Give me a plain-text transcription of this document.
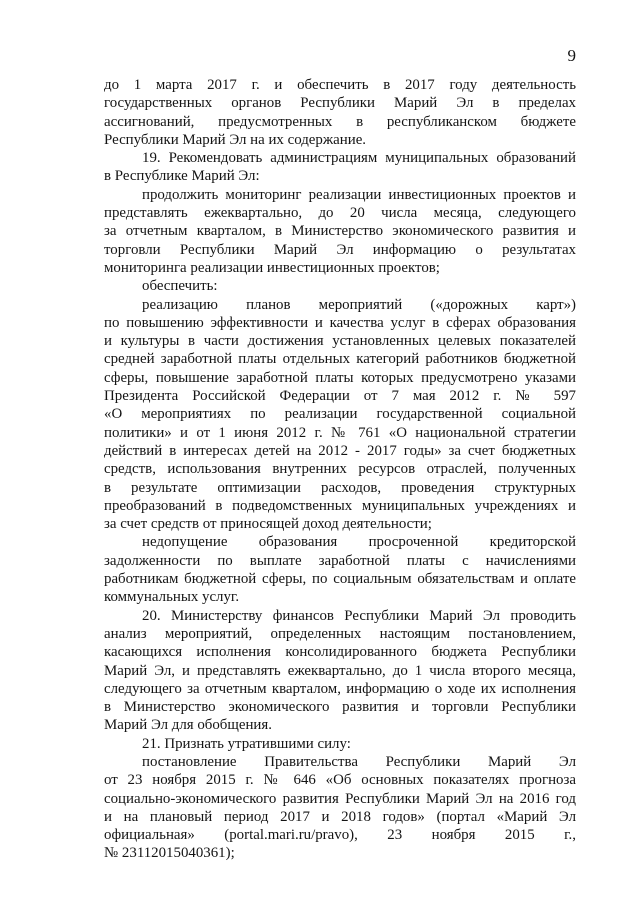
9

до 1 марта 2017 г. и обеспечить в 2017 году деятельность

государственных органов Республики Марий Эл в пределах

ассигнований, предусмотренных в республиканском бюджете

Республики Марий Эл на их содержание.

19. Рекомендовать администрациям муниципальных образований

в Республике Марий Эл:

продолжить мониторинг реализации инвестиционных проектов и

представлять ежеквартально, до 20 числа месяца, следующего

за отчетным кварталом, в Министерство экономического развития и

торговли Республики Марий Эл информацию о результатах

мониторинга реализации инвестиционных проектов;

обеспечить:

реализацию планов мероприятий («дорожных карт»)

по повышению эффективности и качества услуг в сферах образования

и культуры в части достижения установленных целевых показателей

средней заработной платы отдельных категорий работников бюджетной

сферы, повышение заработной платы которых предусмотрено указами

Президента Российской Федерации от 7 мая 2012 г. № 597

«О мероприятиях по реализации государственной социальной

политики» и от 1 июня 2012 г. № 761 «О национальной стратегии

действий в интересах детей на 2012 - 2017 годы» за счет бюджетных

средств, использования внутренних ресурсов отраслей, полученных

в результате оптимизации расходов, проведения структурных

преобразований в подведомственных муниципальных учреждениях и

за счет средств от приносящей доход деятельности;

недопущение образования просроченной кредиторской

задолженности по выплате заработной платы с начислениями

работникам бюджетной сферы, по социальным обязательствам и оплате

коммунальных услуг.

20. Министерству финансов Республики Марий Эл проводить

анализ мероприятий, определенных настоящим постановлением,

касающихся исполнения консолидированного бюджета Республики

Марий Эл, и представлять ежеквартально, до 1 числа второго месяца,

следующего за отчетным кварталом, информацию о ходе их исполнения

в Министерство экономического развития и торговли Республики

Марий Эл для обобщения.

21. Признать утратившими силу:

постановление Правительства Республики Марий Эл

от 23 ноября 2015 г. № 646 «Об основных показателях прогноза

социально-экономического развития Республики Марий Эл на 2016 год

и на плановый период 2017 и 2018 годов» (портал «Марий Эл

официальная» (portal.mari.ru/pravo), 23 ноября 2015 г.,

№ 23112015040361);
